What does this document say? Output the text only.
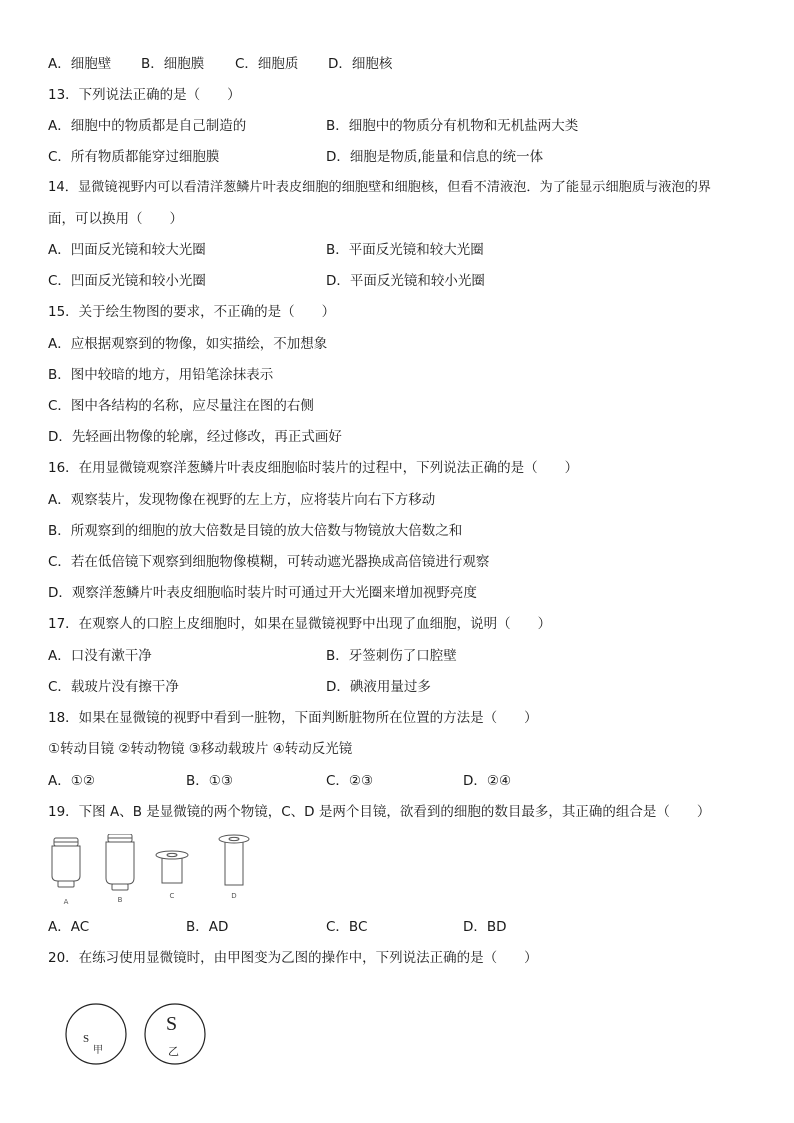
A．细胞壁 B．细胞膜 C．细胞质 D．细胞核
13．下列说法正确的是（　　）
A．细胞中的物质都是自己制造的	B．细胞中的物质分有机物和无机盐两大类
C．所有物质都能穿过细胞膜	D．细胞是物质,能量和信息的统一体
14．显微镜视野内可以看清洋葱鳞片叶表皮细胞的细胞壁和细胞核，但看不清液泡．为了能显示细胞质与液泡的界
面，可以换用（　　）
A．凹面反光镜和较大光圈	B．平面反光镜和较大光圈
C．凹面反光镜和较小光圈	D．平面反光镜和较小光圈
15．关于绘生物图的要求，不正确的是（　　）
A．应根据观察到的物像，如实描绘，不加想象
B．图中较暗的地方，用铅笔涂抹表示
C．图中各结构的名称，应尽量注在图的右侧
D．先轻画出物像的轮廓，经过修改，再正式画好
16．在用显微镜观察洋葱鳞片叶表皮细胞临时装片的过程中，下列说法正确的是（　　）
A．观察装片，发现物像在视野的左上方，应将装片向右下方移动
B．所观察到的细胞的放大倍数是目镜的放大倍数与物镜放大倍数之和
C．若在低倍镜下观察到细胞物像模糊，可转动遮光器换成高倍镜进行观察
D．观察洋葱鳞片叶表皮细胞临时装片时可通过开大光圈来增加视野亮度
17．在观察人的口腔上皮细胞时，如果在显微镜视野中出现了血细胞，说明（　　）
A．口没有漱干净	B．牙签刺伤了口腔壁
C．载玻片没有擦干净	D．碘液用量过多
18．如果在显微镜的视野中看到一脏物，下面判断脏物所在位置的方法是（　　）
①转动目镜 ②转动物镜 ③移动载玻片 ④转动反光镜
A．①②	B．①③	C．②③	D．②④
19．下图 A、B 是显微镜的两个物镜，C、D 是两个目镜，欲看到的细胞的数目最多，其正确的组合是（　　）
A	B	C	D
A．AC	B．AD	C．BC	D．BD
20．在练习使用显微镜时，由甲图变为乙图的操作中，下列说法正确的是（　　）
S
甲
S
乙
